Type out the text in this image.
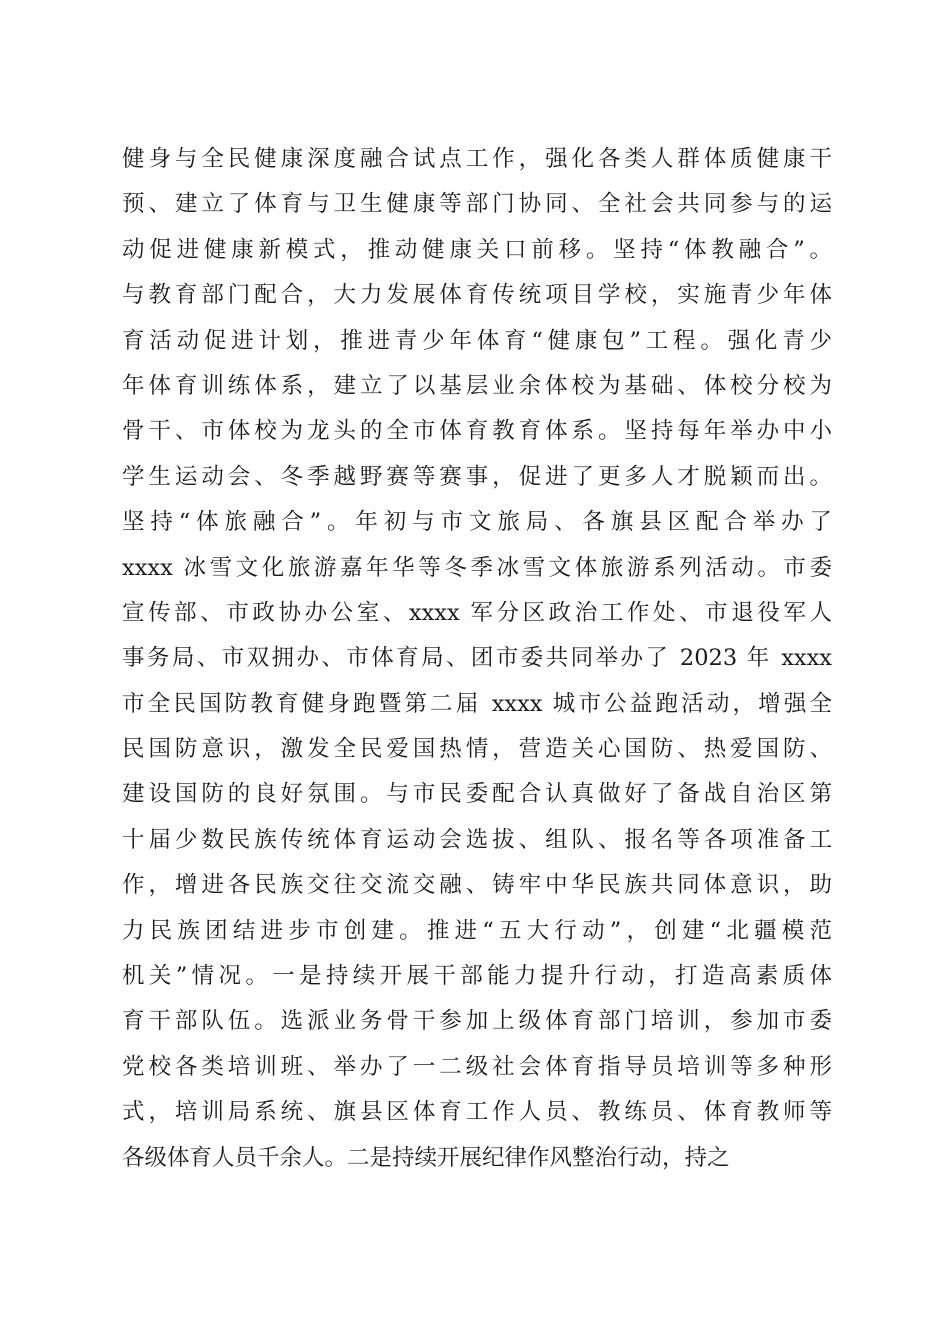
健身与全民健康深度融合试点工作，强化各类人群体质健康干
预、建立了体育与卫生健康等部门协同、全社会共同参与的运
动促进健康新模式，推动健康关口前移。坚持“体教融合”。
与教育部门配合，大力发展体育传统项目学校，实施青少年体
育活动促进计划，推进青少年体育“健康包”工程。强化青少
年体育训练体系，建立了以基层业余体校为基础、体校分校为
骨干、市体校为龙头的全市体育教育体系。坚持每年举办中小
学生运动会、冬季越野赛等赛事，促进了更多人才脱颖而出。
坚持“体旅融合”。年初与市文旅局、各旗县区配合举办了
xxxx 冰雪文化旅游嘉年华等冬季冰雪文体旅游系列活动。市委
宣传部、市政协办公室、xxxx 军分区政治工作处、市退役军人
事务局、市双拥办、市体育局、团市委共同举办了 2023 年 xxxx
市全民国防教育健身跑暨第二届 xxxx 城市公益跑活动，增强全
民国防意识，激发全民爱国热情，营造关心国防、热爱国防、
建设国防的良好氛围。与市民委配合认真做好了备战自治区第
十届少数民族传统体育运动会选拔、组队、报名等各项准备工
作，增进各民族交往交流交融、铸牢中华民族共同体意识，助
力民族团结进步市创建。推进“五大行动”，创建“北疆模范
机关”情况。一是持续开展干部能力提升行动，打造高素质体
育干部队伍。选派业务骨干参加上级体育部门培训，参加市委
党校各类培训班、举办了一二级社会体育指导员培训等多种形
式，培训局系统、旗县区体育工作人员、教练员、体育教师等
各级体育人员千余人。二是持续开展纪律作风整治行动，持之
